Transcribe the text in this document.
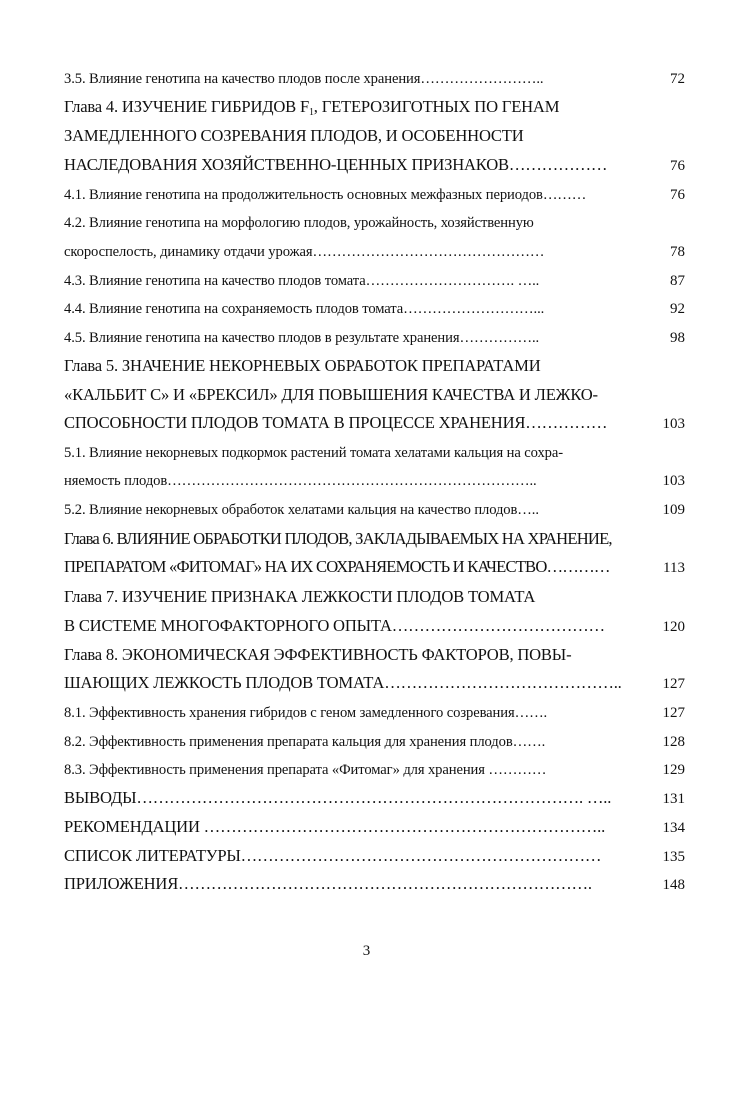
3.5. Влияние генотипа на качество плодов после хранения……………………..	72
Глава 4. ИЗУЧЕНИЕ ГИБРИДОВ $F_1$, ГЕТЕРОЗИГОТНЫХ ПО ГЕНАМ
ЗАМЕДЛЕННОГО СОЗРЕВАНИЯ ПЛОДОВ, И ОСОБЕННОСТИ
НАСЛЕДОВАНИЯ ХОЗЯЙСТВЕННО-ЦЕННЫХ ПРИЗНАКОВ………………	76
4.1. Влияние генотипа на продолжительность основных межфазных периодов………	76
4.2. Влияние генотипа на морфологию плодов, урожайность, хозяйственную
скороспелость, динамику отдачи урожая…………………………………………	78
4.3. Влияние генотипа на качество плодов томата…………………………. …..	87
4.4. Влияние генотипа на сохраняемость плодов томата………………………...	92
4.5. Влияние генотипа на качество плодов в результате хранения……………..	98
Глава 5. ЗНАЧЕНИЕ НЕКОРНЕВЫХ ОБРАБОТОК ПРЕПАРАТАМИ
«КАЛЬБИТ С» И «БРЕКСИЛ» ДЛЯ ПОВЫШЕНИЯ КАЧЕСТВА И ЛЕЖКО-
СПОСОБНОСТИ ПЛОДОВ ТОМАТА В ПРОЦЕССЕ ХРАНЕНИЯ……………	103
5.1. Влияние некорневых подкормок растений томата хелатами кальция на сохра-
няемость плодов…………………………………………………………………..	103
5.2. Влияние некорневых обработок хелатами кальция на качество плодов…..	109
Глава 6. ВЛИЯНИЕ ОБРАБОТКИ ПЛОДОВ, ЗАКЛАДЫВАЕМЫХ НА ХРАНЕНИЕ,
ПРЕПАРАТОМ «ФИТОМАГ» НА ИХ СОХРАНЯЕМОСТЬ И КАЧЕСТВО…………	113
Глава 7. ИЗУЧЕНИЕ ПРИЗНАКА ЛЕЖКОСТИ ПЛОДОВ ТОМАТА
В СИСТЕМЕ МНОГОФАКТОРНОГО ОПЫТА…………………………………	120
Глава 8. ЭКОНОМИЧЕСКАЯ ЭФФЕКТИВНОСТЬ ФАКТОРОВ, ПОВЫ-
ШАЮЩИХ ЛЕЖКОСТЬ ПЛОДОВ ТОМАТА……………………………………..	127
8.1. Эффективность хранения гибридов с геном замедленного созревания…….	127
8.2. Эффективность применения препарата кальция для хранения плодов…….	128
8.3. Эффективность применения препарата «Фитомаг» для хранения …………	129
ВЫВОДЫ………………………………………………………………………. …..	131
РЕКОМЕНДАЦИИ ………………………………………………………………..	134
СПИСОК ЛИТЕРАТУРЫ…………………………………………………………	135
ПРИЛОЖЕНИЯ………………………………………………………………….	148
3
